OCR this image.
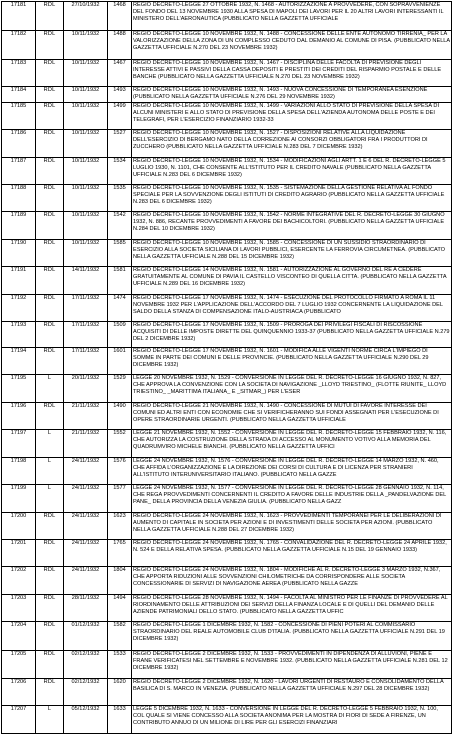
17181	RDL	27/10/1932	1468	REGIO DECRETO-LEGGE 27 OTTOBRE 1932, N. 1468 - AUTORIZZAZIONE A PROVVEDERE, CON SOPRAVVENIENZE DEL FONDO DEL 13 NOVEMBRE 1930 ALLA SPESA DI MAPOLI DEI LAVORI PER IL 20 ALTRI LAVORI INTERESSANTI IL MINISTERO DELL'AERONAUTICA (PUBBLICATO NELLA GAZZETTA UFFICIALE

17182	RDL	10/11/1932	1488	REGIO DECRETO-LEGGE 10 NOVEMBRE 1932, N. 1488 - CONCESSIONE DELLE ENTE AUTONOMO TIRRENIA_ PER LA VALORIZZAZIONE DELLA ZONA DI UN COMPLESSO CEDUTO DAL DEMANIO AL COMUNE DI PISA. (PUBBLICATO NELLA GAZZETTA UFFICIALE N.270 DEL 23 NOVEMBRE 1932)

17183	RDL	10/11/1932	1467	REGIO DECRETO-LEGGE 10 NOVEMBRE 1932, N. 1467 - DISCIPLINA DELLE FACOLTA DI PREVISIONE DEGLI INTERESSE ATTIVI E PASSIVI DELLA CASSA DEPOSITI E PRESTITI DEI CREDITI DEL RISPARMIO POSTALE E DELLE BANCHE (PUBBLICATO NELLA GAZZETTA UFFICIALE N.270 DEL 23 NOVEMBRE 1932)

17184	RDL	10/11/1932	1493	REGIO DECRETO-LEGGE 10 NOVEMBRE 1932, N. 1493 - NUOVA CONCESSIONE DI TEMPORANEA ESENZIONE (PUBBLICATO NELLA GAZZETTA UFFICIALE N.276 DEL 29 NOVEMBRE 1932)

17185	RDL	10/11/1932	1499	REGIO DECRETO-LEGGE 10 NOVEMBRE 1932, N. 1499 - VARIAZIONI ALLO STATO DI PREVISIONE DELLA SPESA DI ALCUNI MINISTERI E ALLO STATO DI PREVISIONE DELLA SPESA DELL'AZIENDA AUTONOMA DELLE POSTE E DEI TELEGRAFI, PER L'ESERCIZIO FINANZIARIO 1932-33

17186	RDL	10/11/1932	1527	REGIO DECRETO-LEGGE 10 NOVEMBRE 1932, N. 1527 - DISPOSIZIONI RELATIVE ALLA LIQUIDAZIONE DELL'ESERCIZIO DI BERGAMO NATO DELLA CORREZIONE AI CONSORZI OBBLIGATORI FRA I PRODUTTORI DI ZUCCHERO (PUBBLICATO NELLA GAZZETTA UFFICIALE N.283 DEL 7 DICEMBRE 1932)

17187	RDL	10/11/1932	1534	REGIO DECRETO-LEGGE 10 NOVEMBRE 1932, N. 1534 - MODIFICAZIONI AGLI ARTT. 1 E 6 DEL R. DECRETO-LEGGE 5 LUGLIO 1930, N. 1101, CHE CONSENTE ALL'ISTITUTO PER IL CREDITO NAVALE (PUBBLICATO NELLA GAZZETTA UFFICIALE N.283 DEL 6 DICEMBRE 1932)

17188	RDL	10/11/1932	1535	REGIO DECRETO-LEGGE 10 NOVEMBRE 1932, N. 1535 - SISTEMAZIONE DELLA GESTIONE RELATIVA AL FONDO SPECIALE PER LA SOVVENZIONE DEGLI ISTITUTI DI CREDITO AGRARIO (PUBBLICATO NELLA GAZZETTA UFFICIALE N.283 DEL 6 DICEMBRE 1932)

17189	RDL	10/11/1932	1542	REGIO DECRETO-LEGGE 10 NOVEMBRE 1932, N. 1542 - NORME INTEGRATIVE DEL R. DECRETO-LEGGE 30 GIUGNO 1932, N. 886, RECANTE PROVVEDIMENTI A FAVORE DEI BACHICOLTORI. (PUBBLICATO NELLA GAZZETTA UFFICIALE N.284 DEL 10 DICEMBRE 1932)

17190	RDL	10/11/1932	1585	REGIO DECRETO-LEGGE 10 NOVEMBRE 1932, N. 1585 - CONCESSIONE DI UN SUSSIDIO STRAORDINARIO DI ESERCIZIO ALLA SOCIETA SICILIANA DI LAVORI PUBBLICI, ESERCENTE LA FERROVIA CIRCUMETNEA. (PUBBLICATO NELLA GAZZETTA UFFICIALE N.288 DEL 15 DICEMBRE 1932)

17191	RDL	14/11/1932	1581	REGIO DECRETO-LEGGE 14 NOVEMBRE 1932, N. 1581 - AUTORIZZAZIONE AL GOVERNO DEL RE A CEDERE GRATUITAMENTE AL COMUNE DI PAVIA IL CASTELLO VISCONTEO DI QUELLA CITTA. (PUBBLICATO NELLA GAZZETTA UFFICIALE N.289 DEL 16 DICEMBRE 1932)

17192	RDL	17/11/1932	1474	REGIO DECRETO-LEGGE 17 NOVEMBRE 1932, N. 1474 - ESECUZIONE DEL PROTOCOLLO FIRMATO A ROMA IL 11 NOVEMBRE 1932 PER L'APPLICAZIONE DELL'ACCORDO DEL 7 LUGLIO 1932 CONCERNENTE LA LIQUIDAZIONE DEL SALDO DELLA STANZA DI COMPENSAZIONE ITALO-AUSTRIACA (PUBBLICATO

17193	RDL	17/11/1932	1509	REGIO DECRETO-LEGGE 17 NOVEMBRE 1932, N. 1509 - PROROGA DEI PRIVILEGI FISCALI DI RISCOSSIONE ACQUISITI DI DELLE IMPOSTE DIRETTE DEL QUINQUENNIO 1933-37 (PUBBLICATO NELLA GAZZETTA UFFICIALE N.279 DEL 2 DICEMBRE 1932)

17194	RDL	17/11/1932	1601	REGIO DECRETO-LEGGE 17 NOVEMBRE 1932, N. 1601 - MODIFICA ALLE VIGENTI NORME CIRCA L'IMPIEGO DI SOMME IN PARTE DEI COMUNI E DELLE PROVINCIE. (PUBBLICATO NELLA GAZZETTA UFFICIALE N.290 DEL 29 DICEMBRE 1932)

17195	L	20/11/1932	1529	LEGGE 20 NOVEMBRE 1932, N. 1529 - CONVERSIONE IN LEGGE DEL R. DECRETO-LEGGE 16 GIUGNO 1932, N. 827, CHE APPROVA LA CONVENZIONE CON LA SOCIETA DI NAVIGAZIONE _LLOYD TRIESTINO_ (FLOTTE RIUNITE_ LLOYD TRIESTINO_ _MARITTIMA ITALIANA_ E _SITMAR_) PER L'ESER

17196	RDL	21/11/1932	1490	REGIO DECRETO-LEGGE 21 NOVEMBRE 1932, N. 1490 - CONCESSIONE DI MUTUI DI FAVORE INTERESSE DEI COMUNI ED ALTRI ENTI CON ECONOMIE CHE SI VERIFICHERANNO SUI FONDI ASSEGNATI PER L'ESECUZIONE DI OPERE STRAORDINARIE URGENTI. (PUBBLICATO NELLA GAZZETTA UFFICIALE

17197	L	21/11/1932	1552	LEGGE 21 NOVEMBRE 1932, N. 1552 - CONVERSIONE IN LEGGE DEL R. DECRETO-LEGGE 15 FEBBRAIO 1932, N. 116, CHE AUTORIZZA LA COSTRUZIONE DELLA STRADA DI ACCESSO AL MONUMENTO VOTIVO ALLA MEMORIA DEL QUADRUMVIRO MICHELE BIANCHI. (PUBBLICATO NELLA GAZZETTA UFFICI

17198	L	24/11/1932	1576	LEGGE 24 NOVEMBRE 1932, N. 1576 - CONVERSIONE IN LEGGE DEL R. DECRETO-LEGGE 14 MARZO 1932, N. 460, CHE AFFIDA L'ORGANIZZAZIONE E LA DIREZIONE DEI CORSI DI CULTURA E DI LICENZA PER STRANIERI ALL'ISTITUTO INTERUNIVERSITARIO ITALIANO. (PUBBLICATO NELLA GAZZE

17199	L	24/11/1932	1577	LEGGE 24 NOVEMBRE 1932, N. 1577 - CONVERSIONE IN LEGGE DEL R. DECRETO-LEGGE 28 GENNAIO 1932, N. 114, CHE REGA PROVVEDIMENTI CONCERNENTI IL CREDITO A FAVORE DELLE INDUSTRIE DELLA _PANDELVAZIONE DEL PANE_ DELLA PROVINCIA DELLA VENEZIA GIULIA. (PUBBLICATO NELLA GAZZ

17200	RDL	24/11/1932	1623	REGIO DECRETO-LEGGE 24 NOVEMBRE 1932, N. 1623 - PROVVEDIMENTI TEMPORANEI PER LE DELIBERAZIONI DI AUMENTO DI CAPITALE IN SOCIETA PER AZIONI E DI INVESTIMENTI DELLE SOCIETA PER AZIONI. (PUBBLICATO NELLA GAZZETTA UFFICIALE N.288 DEL 27 DICEMBRE 1932)

17201	RDL	24/11/1932	1765	REGIO DECRETO-LEGGE 24 NOVEMBRE 1932, N. 1765 - CONVALIDAZIONE DEL R. DECRETO-LEGGE 24 APRILE 1932, N. 524 E DELLA RELATIVA SPESA. (PUBBLICATO NELLA GAZZETTA UFFICIALE N.15 DEL 19 GENNAIO 1933)

17202	RDL	24/11/1932	1804	REGIO DECRETO-LEGGE 24 NOVEMBRE 1932, N. 1804 - MODIFICHE AL R. DECRETO-LEGGE 3 MARZO 1932, N.367, CHE APPORTA RIDUZIONI ALLE SOVVENZIONI CHILOMETRICHE DA CORRISPONDERE ALLE SOCIETA CONCESSIONARIE DI SERVIZI DI NAVIGAZIONE AEREA (PUBBLICATO NELLA GAZZE

17203	RDL	28/11/1932	1494	REGIO DECRETO-LEGGE 28 NOVEMBRE 1932, N. 1494 - FACOLTA AL MINISTRO PER LE FINANZE DI PROVVEDERE AL RIORDINAMENTO DELLE ATTRIBUZIONI DEI SERVIZI DELLA FINANZA LOCALE E DI QUELLI DEL DEMANIO DELLE AZIENDE PATRIMONIALI DELLO STATO. (PUBBLICATO NELLA GAZZETTA UFFIC

17204	RDL	01/12/1932	1582	REGIO DECRETO-LEGGE 1 DICEMBRE 1932, N. 1582 - CONCESSIONE DI PIENI POTERI AL COMMISSARIO STRAORDINARIO DEL REALE AUTOMOBILE CLUB D'ITALIA. (PUBBLICATO NELLA GAZZETTA UFFICIALE N.291 DEL 19 DICEMBRE 1932)

17205	RDL	02/12/1932	1533	REGIO DECRETO-LEGGE 2 DICEMBRE 1932, N. 1533 - PROVVEDIMENTI IN DIPENDENZA DI ALLUVIONI, PIENE E FRANE VERIFICATESI NEL SETTEMBRE E NOVEMBRE 1932. (PUBBLICATO NELLA GAZZETTA UFFICIALE N.281 DEL 12 DICEMBRE 1932)

17206	RDL	02/12/1932	1620	REGIO DECRETO-LEGGE 2 DICEMBRE 1932, N. 1620 - LAVORI URGENTI DI RESTAURO E CONSOLIDAMENTO DELLA BASILICA DI S. MARCO IN VENEZIA. (PUBBLICATO NELLA GAZZETTA UFFICIALE N.297 DEL 28 DICEMBRE 1932)

17207	L	05/12/1932	1633	LEGGE 5 DICEMBRE 1932, N. 1633 - CONVERSIONE IN LEGGE DEL R. DECRETO-LEGGE 5 FEBBRAIO 1932, N. 100, COL QUALE SI VIENE CONCESSO ALLA SOCIETA ANONIMA PER LA MOSTRA DI FIORI DI SEDE A FIRENZE, UN CONTRIBUTO ANNUO DI UN MILIONE DI LIRE PER GLI ESERCIZI FINANZIARI
